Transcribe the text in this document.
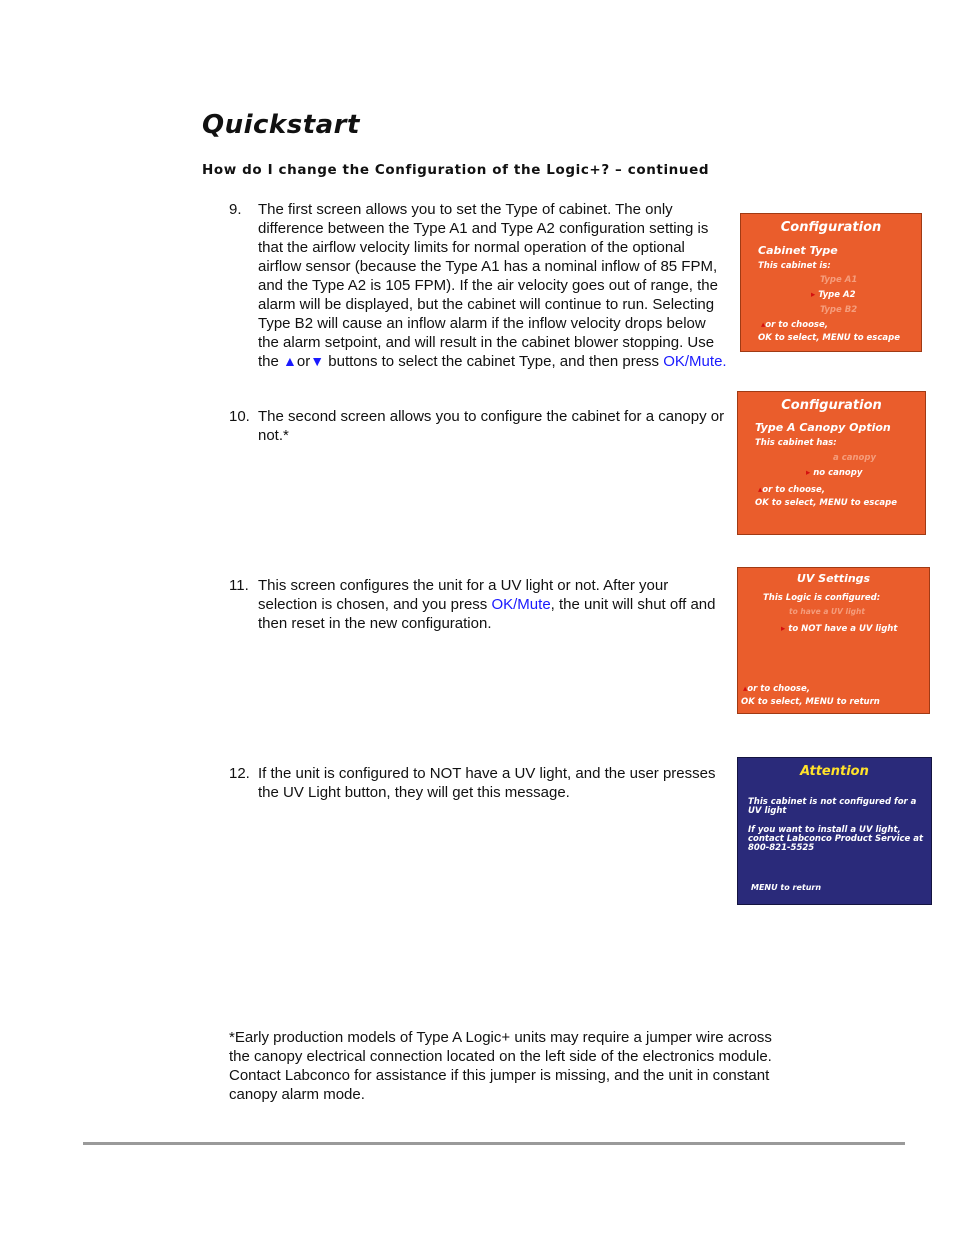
Quickstart
How do I change the Configuration of the Logic+? – continued
9. The first screen allows you to set the Type of cabinet. The only difference between the Type A1 and Type A2 configuration setting is that the airflow velocity limits for normal operation of the optional airflow sensor (because the Type A1 has a nominal inflow of 85 FPM, and the Type A2 is 105 FPM). If the air velocity goes out of range, the alarm will be displayed, but the cabinet will continue to run. Selecting Type B2 will cause an inflow alarm if the inflow velocity drops below the alarm setpoint, and will result in the cabinet blower stopping. Use the ▲or▼ buttons to select the cabinet Type, and then press OK/Mute.
10. The second screen allows you to configure the cabinet for a canopy or not.*
11. This screen configures the unit for a UV light or not. After your selection is chosen, and you press OK/Mute, the unit will shut off and then reset in the new configuration.
12. If the unit is configured to NOT have a UV light, and the user presses the UV Light button, they will get this message.
Configuration
Cabinet Type
This cabinet is:
Type A1
▸ Type A2
Type B2
▴or to choose,
OK to select, MENU to escape
Configuration
Type A Canopy Option
This cabinet has:
a canopy
▸ no canopy
▴or to choose,
OK to select, MENU to escape
UV Settings
This Logic is configured:
to have a UV light
▸ to NOT have a UV light
▴or to choose,
OK to select, MENU to return
Attention
This cabinet is not configured for a UV light
If you want to install a UV light, contact Labconco Product Service at 800-821-5525
MENU to return
*Early production models of Type A Logic+ units may require a jumper wire across the canopy electrical connection located on the left side of the electronics module. Contact Labconco for assistance if this jumper is missing, and the unit in constant canopy alarm mode.
